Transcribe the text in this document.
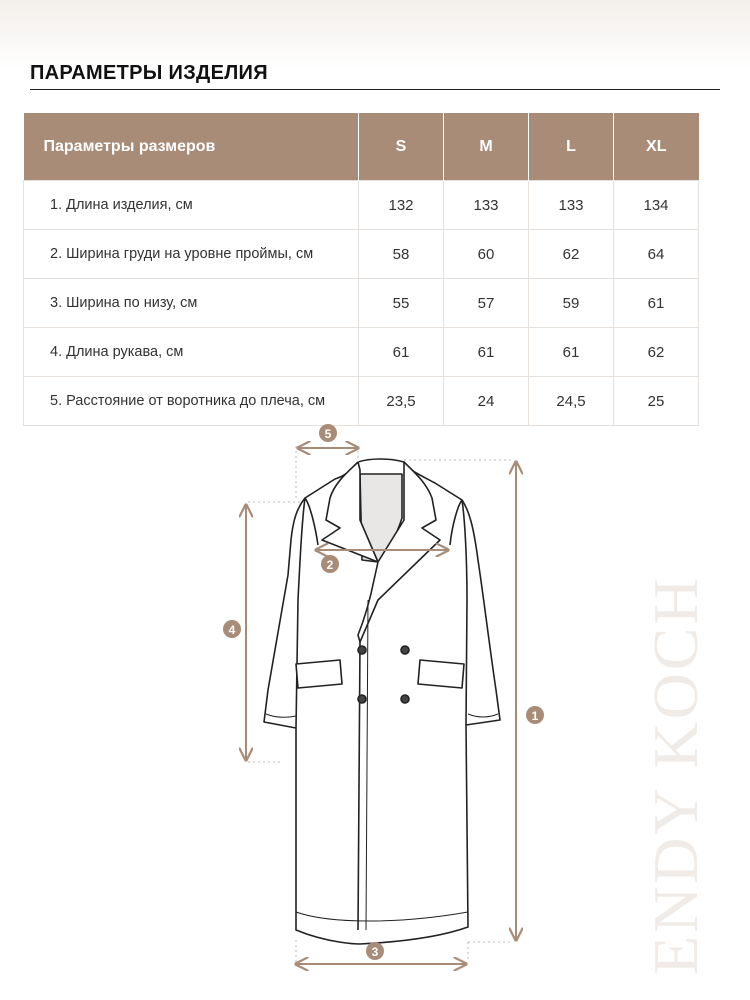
ПАРАМЕТРЫ ИЗДЕЛИЯ
Параметры размеров	S	M	L	XL
1. Длина изделия, см	132	133	133	134
2. Ширина груди на уровне проймы, см	58	60	62	64
3. Ширина по низу, см	55	57	59	61
4. Длина рукава, см	61	61	61	62
5. Расстояние от воротника до плеча, см	23,5	24	24,5	25
ENDY KOCH
1
2
3
4
5
